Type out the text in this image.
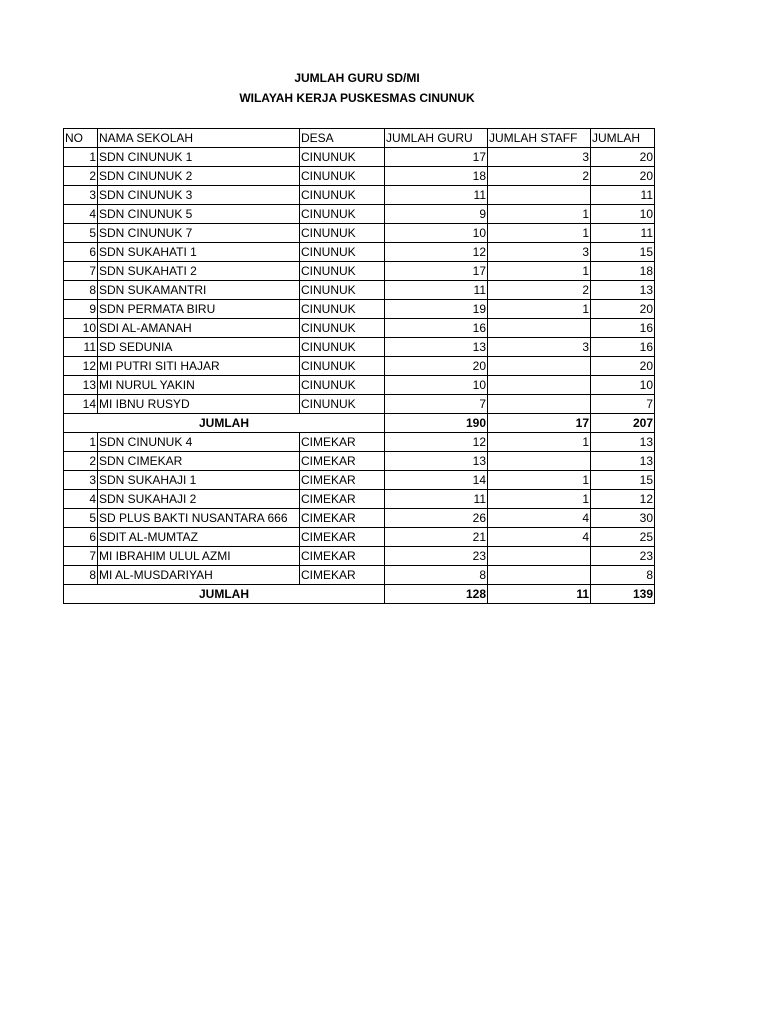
JUMLAH GURU SD/MI
WILAYAH KERJA PUSKESMAS CINUNUK
NO	NAMA SEKOLAH	DESA	JUMLAH GURU	JUMLAH STAFF	JUMLAH
1	SDN CINUNUK 1	CINUNUK	17	3	20
2	SDN CINUNUK 2	CINUNUK	18	2	20
3	SDN CINUNUK 3	CINUNUK	11		11
4	SDN CINUNUK 5	CINUNUK	9	1	10
5	SDN CINUNUK 7	CINUNUK	10	1	11
6	SDN SUKAHATI 1	CINUNUK	12	3	15
7	SDN SUKAHATI 2	CINUNUK	17	1	18
8	SDN SUKAMANTRI	CINUNUK	11	2	13
9	SDN PERMATA BIRU	CINUNUK	19	1	20
10	SDI AL-AMANAH	CINUNUK	16		16
11	SD SEDUNIA	CINUNUK	13	3	16
12	MI PUTRI SITI HAJAR	CINUNUK	20		20
13	MI NURUL YAKIN	CINUNUK	10		10
14	MI IBNU RUSYD	CINUNUK	7		7
JUMLAH			190	17	207
1	SDN CINUNUK 4	CIMEKAR	12	1	13
2	SDN CIMEKAR	CIMEKAR	13		13
3	SDN SUKAHAJI 1	CIMEKAR	14	1	15
4	SDN SUKAHAJI 2	CIMEKAR	11	1	12
5	SD PLUS BAKTI NUSANTARA 666	CIMEKAR	26	4	30
6	SDIT AL-MUMTAZ	CIMEKAR	21	4	25
7	MI IBRAHIM ULUL AZMI	CIMEKAR	23		23
8	MI AL-MUSDARIYAH	CIMEKAR	8		8
JUMLAH			128	11	139
